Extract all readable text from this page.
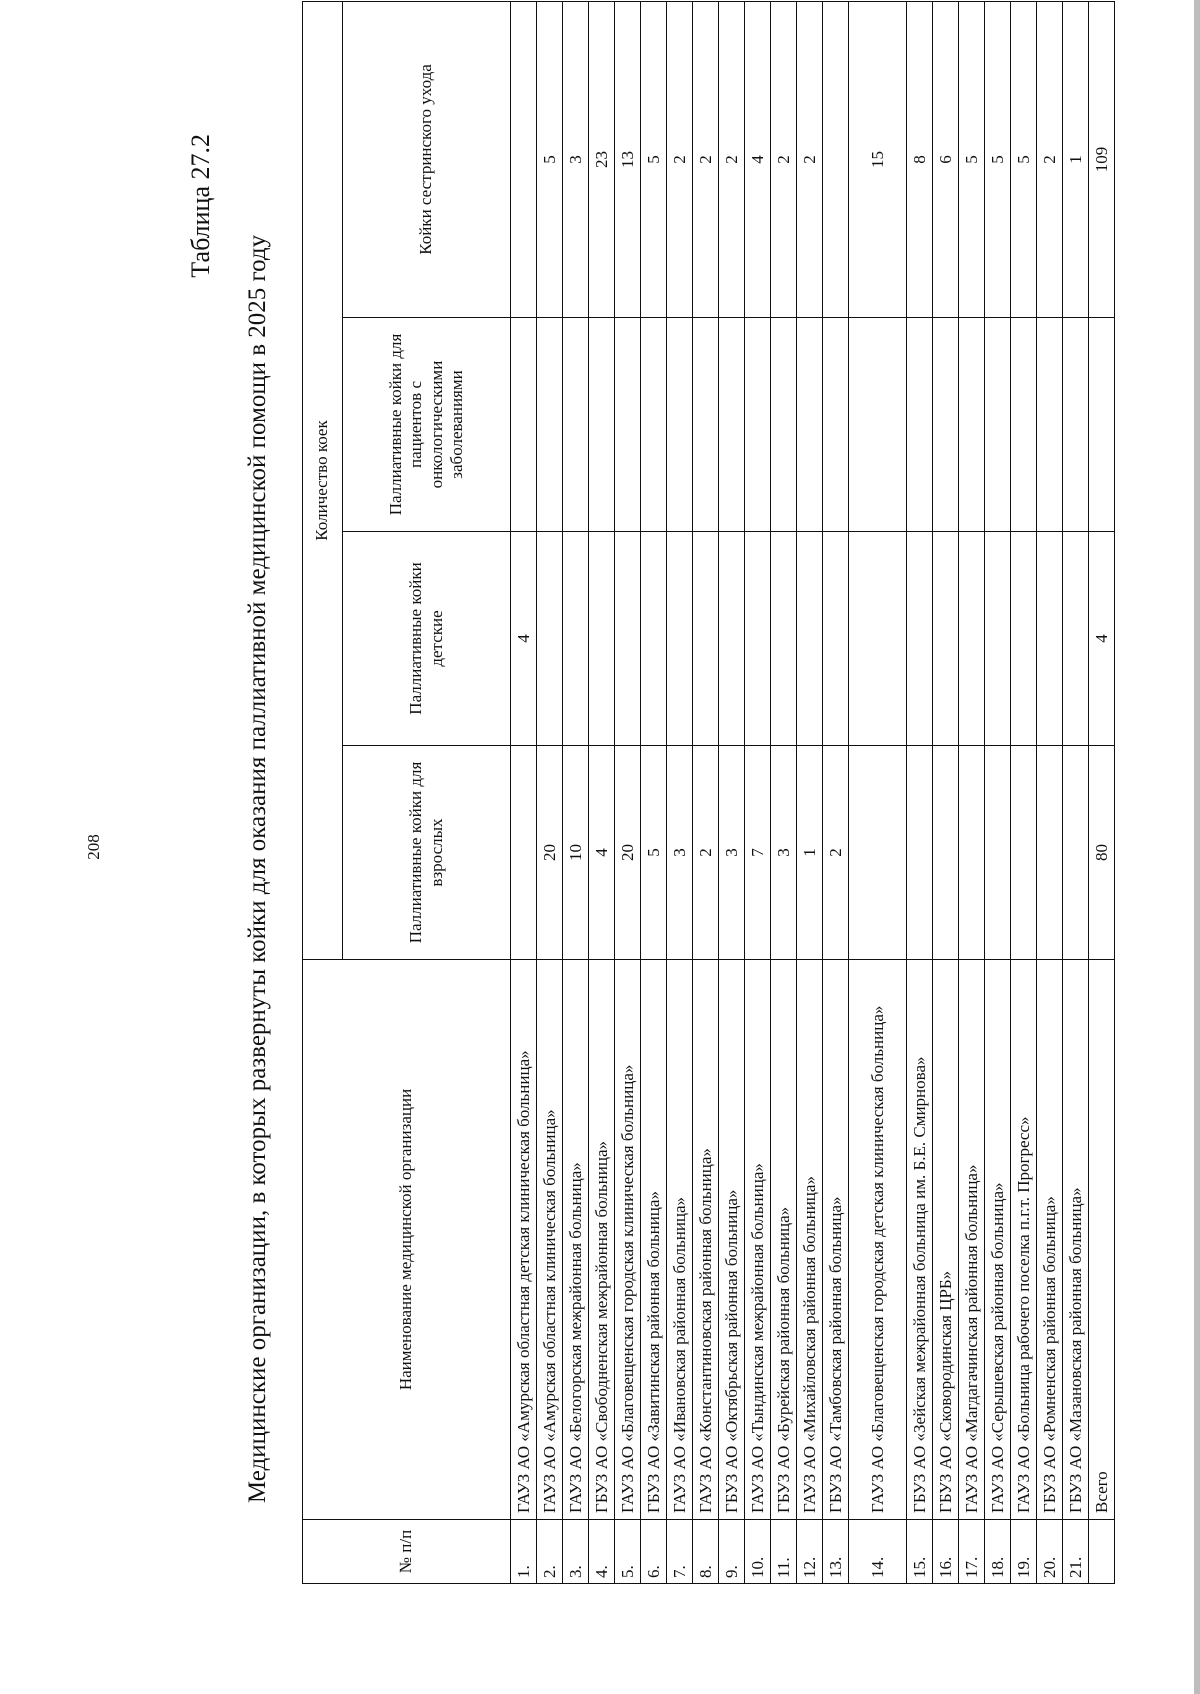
208
Таблица 27.2
Медицинские организации, в которых развернуты койки для оказания паллиативной медицинской помощи в 2025 году
№ п/п	Наименование медицинской организации	Количество коек			
		Паллиативные койки для взрослых	Паллиативные койки детские	Паллиативные койки для пациентов с онкологическими заболеваниями	Койки сестринского ухода
1.	ГАУЗ АО «Амурская областная детская клиническая больница»		4		
2.	ГАУЗ АО «Амурская областная клиническая больница»	20			5
3.	ГАУЗ АО «Белогорская межрайонная больница»	10			3
4.	ГБУЗ АО «Свободненская межрайонная больница»	4			23
5.	ГАУЗ АО «Благовещенская городская клиническая больница»	20			13
6.	ГБУЗ АО «Завитинская районная больница»	5			5
7.	ГАУЗ АО «Ивановская районная больница»	3			2
8.	ГАУЗ АО «Константиновская районная больница»	2			2
9.	ГБУЗ АО «Октябрьская районная больница»	3			2
10.	ГАУЗ АО «Тындинская межрайонная больница»	7			4
11.	ГБУЗ АО «Бурейская районная больница»	3			2
12.	ГАУЗ АО «Михайловская районная больница»	1			2
13.	ГБУЗ АО «Тамбовская районная больница»	2			
14.	ГАУЗ АО «Благовещенская городская детская клиническая больница»				15
15.	ГБУЗ АО «Зейская межрайонная больница им. Б.Е. Смирнова»				8
16.	ГБУЗ АО «Сковородинская ЦРБ»				6
17.	ГАУЗ АО «Магдагачинская районная больница»				5
18.	ГАУЗ АО «Серышевская районная больница»				5
19.	ГАУЗ АО «Больница рабочего поселка п.г.т. Прогресс»				5
20.	ГБУЗ АО «Ромненская районная больница»				2
21.	ГБУЗ АО «Мазановская районная больница»				1
	Всего	80	4		109
